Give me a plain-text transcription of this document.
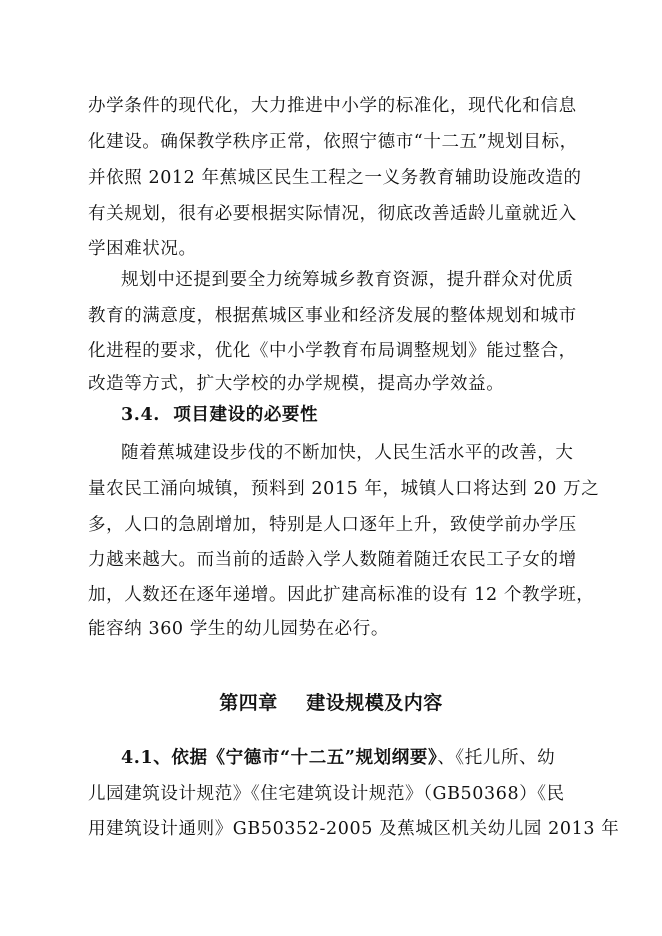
办学条件的现代化，大力推进中小学的标准化，现代化和信息
化建设。确保教学秩序正常，依照宁德市“十二五”规划目标，
并依照 2012 年蕉城区民生工程之一义务教育辅助设施改造的
有关规划，很有必要根据实际情况，彻底改善适龄儿童就近入
学困难状况。
规划中还提到要全力统筹城乡教育资源，提升群众对优质
教育的满意度，根据蕉城区事业和经济发展的整体规划和城市
化进程的要求，优化《中小学教育布局调整规划》能过整合，
改造等方式，扩大学校的办学规模，提高办学效益。
3.4.  项目建设的必要性
随着蕉城建设步伐的不断加快，人民生活水平的改善，大
量农民工涌向城镇，预料到 2015 年，城镇人口将达到 20 万之
多，人口的急剧增加，特别是人口逐年上升，致使学前办学压
力越来越大。而当前的适龄入学人数随着随迁农民工子女的增
加，人数还在逐年递增。因此扩建高标准的设有 12 个教学班，
能容纳 360 学生的幼儿园势在必行。
第四章    建设规模及内容
4.1、依据《宁德市“十二五”规划纲要》、《托儿所、幼
儿园建筑设计规范》《住宅建筑设计规范》（GB50368）《民
用建筑设计通则》GB50352-2005 及蕉城区机关幼儿园 2013 年
